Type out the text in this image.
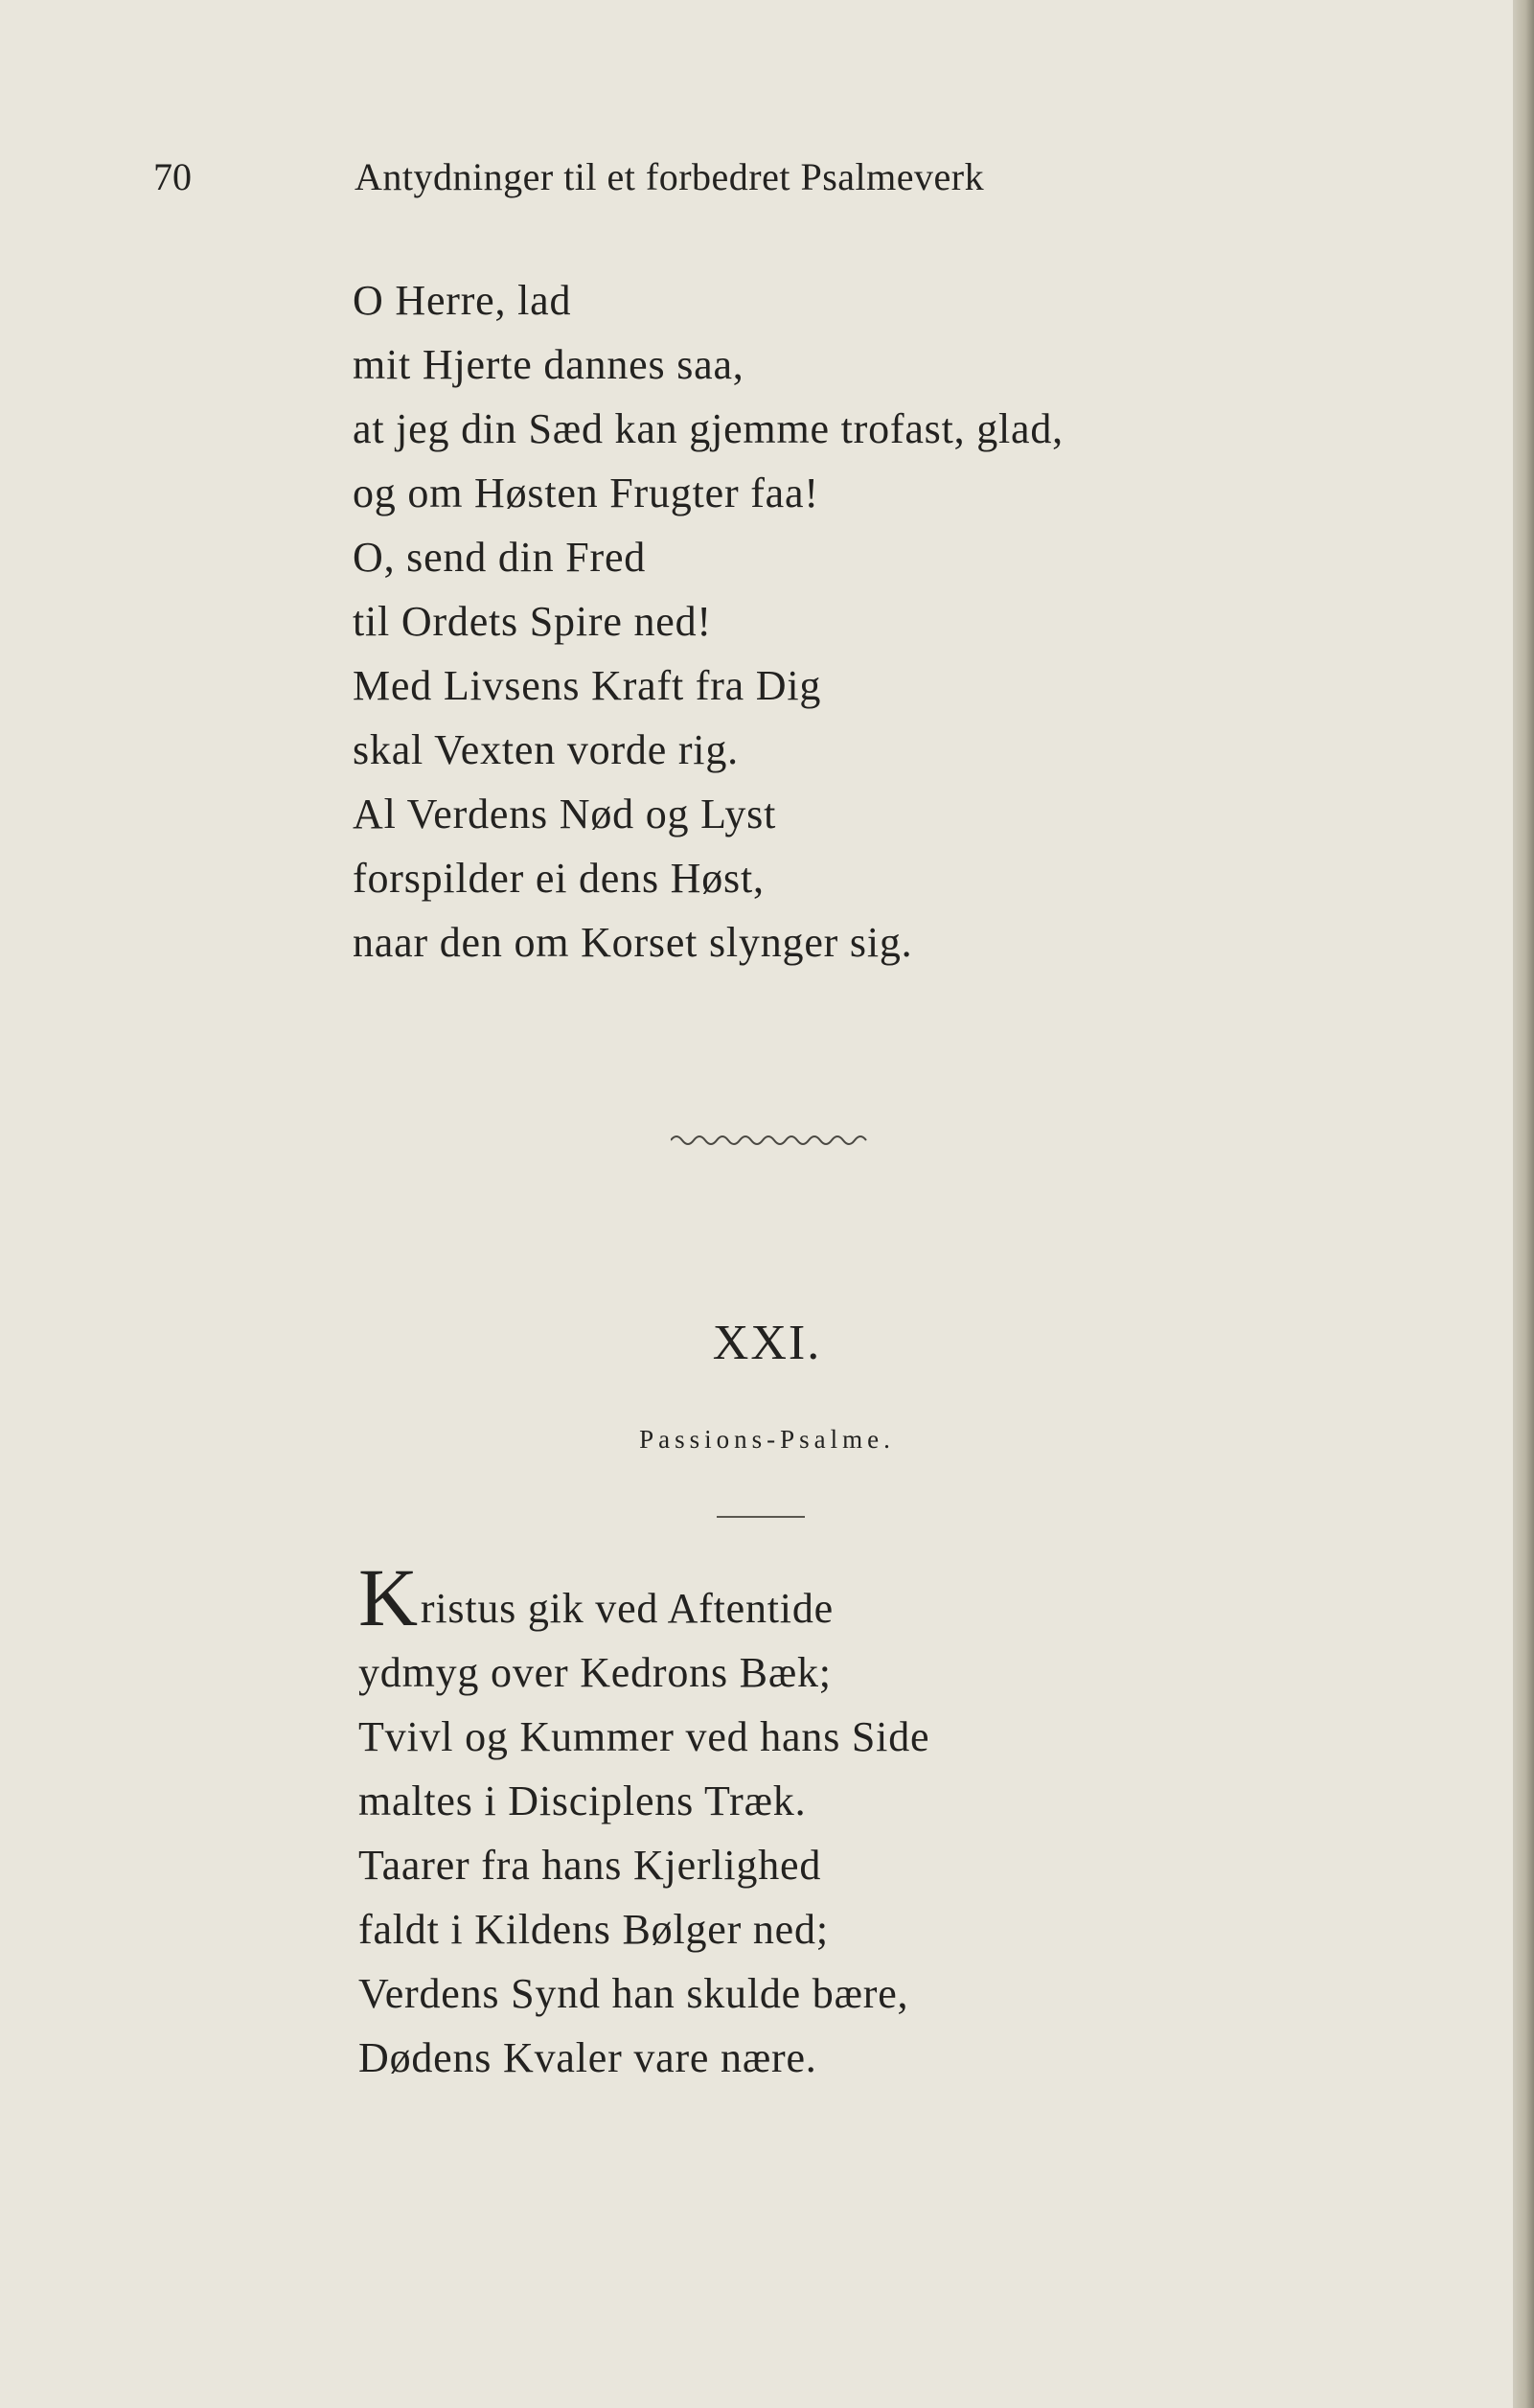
70	Antydninger til et forbedret Psalmeverk
O Herre, lad
mit Hjerte dannes saa,
at jeg din Sæd kan gjemme trofast, glad,
og om Høsten Frugter faa!
O, send din Fred
til Ordets Spire ned!
Med Livsens Kraft fra Dig
skal Vexten vorde rig.
Al Verdens Nød og Lyst
forspilder ei dens Høst,
naar den om Korset slynger sig.
XXI.
Passions-Psalme.
Kristus gik ved Aftentide
ydmyg over Kedrons Bæk;
Tvivl og Kummer ved hans Side
maltes i Disciplens Træk.
Taarer fra hans Kjerlighed
faldt i Kildens Bølger ned;
Verdens Synd han skulde bære,
Dødens Kvaler vare nære.
